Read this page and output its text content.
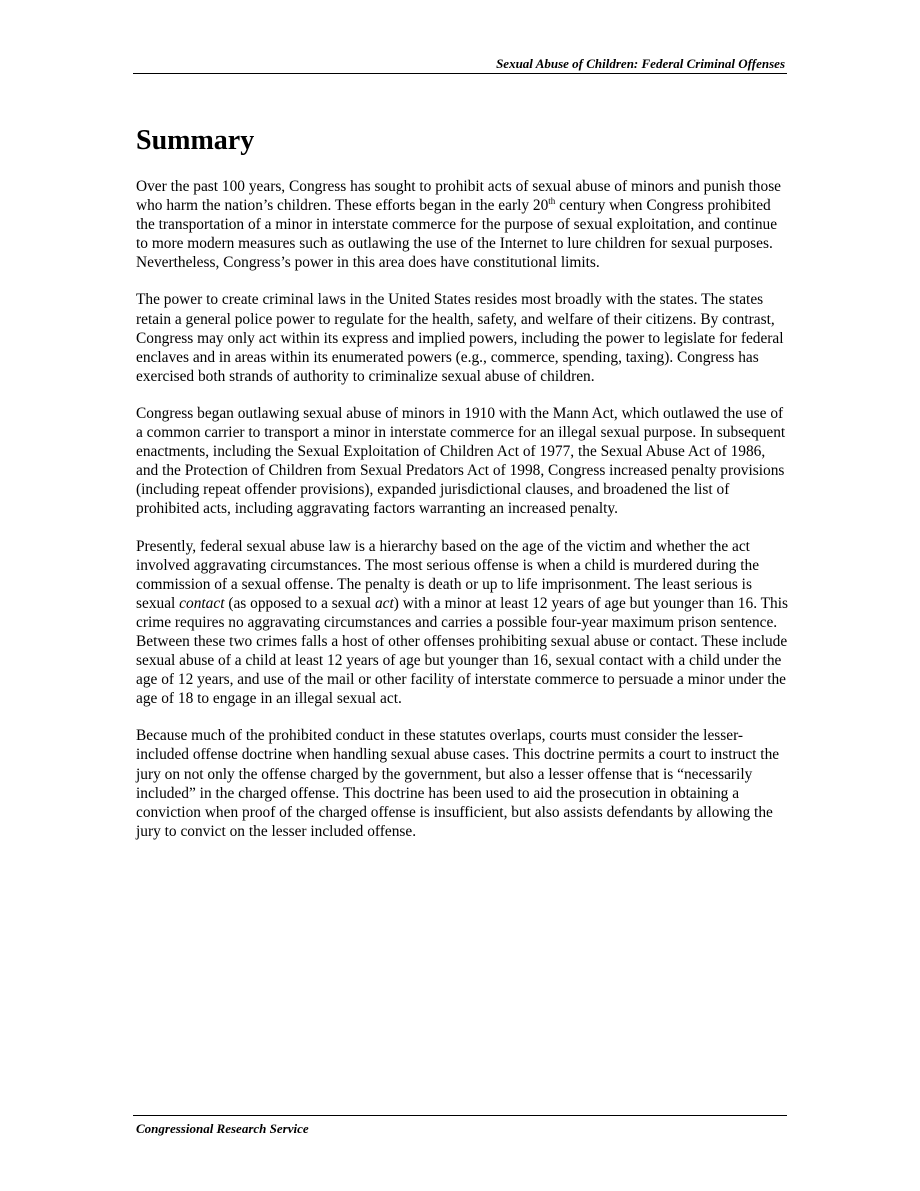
Sexual Abuse of Children: Federal Criminal Offenses
Summary

Over the past 100 years, Congress has sought to prohibit acts of sexual abuse of minors and punish those who harm the nation’s children. These efforts began in the early 20th century when Congress prohibited the transportation of a minor in interstate commerce for the purpose of sexual exploitation, and continue to more modern measures such as outlawing the use of the Internet to lure children for sexual purposes. Nevertheless, Congress’s power in this area does have constitutional limits.

The power to create criminal laws in the United States resides most broadly with the states. The states retain a general police power to regulate for the health, safety, and welfare of their citizens. By contrast, Congress may only act within its express and implied powers, including the power to legislate for federal enclaves and in areas within its enumerated powers (e.g., commerce, spending, taxing). Congress has exercised both strands of authority to criminalize sexual abuse of children.

Congress began outlawing sexual abuse of minors in 1910 with the Mann Act, which outlawed the use of a common carrier to transport a minor in interstate commerce for an illegal sexual purpose. In subsequent enactments, including the Sexual Exploitation of Children Act of 1977, the Sexual Abuse Act of 1986, and the Protection of Children from Sexual Predators Act of 1998, Congress increased penalty provisions (including repeat offender provisions), expanded jurisdictional clauses, and broadened the list of prohibited acts, including aggravating factors warranting an increased penalty.

Presently, federal sexual abuse law is a hierarchy based on the age of the victim and whether the act involved aggravating circumstances. The most serious offense is when a child is murdered during the commission of a sexual offense. The penalty is death or up to life imprisonment. The least serious is sexual contact (as opposed to a sexual act) with a minor at least 12 years of age but younger than 16. This crime requires no aggravating circumstances and carries a possible four-year maximum prison sentence. Between these two crimes falls a host of other offenses prohibiting sexual abuse or contact. These include sexual abuse of a child at least 12 years of age but younger than 16, sexual contact with a child under the age of 12 years, and use of the mail or other facility of interstate commerce to persuade a minor under the age of 18 to engage in an illegal sexual act.

Because much of the prohibited conduct in these statutes overlaps, courts must consider the lesser-included offense doctrine when handling sexual abuse cases. This doctrine permits a court to instruct the jury on not only the offense charged by the government, but also a lesser offense that is “necessarily included” in the charged offense. This doctrine has been used to aid the prosecution in obtaining a conviction when proof of the charged offense is insufficient, but also assists defendants by allowing the jury to convict on the lesser included offense.

Congressional Research Service
